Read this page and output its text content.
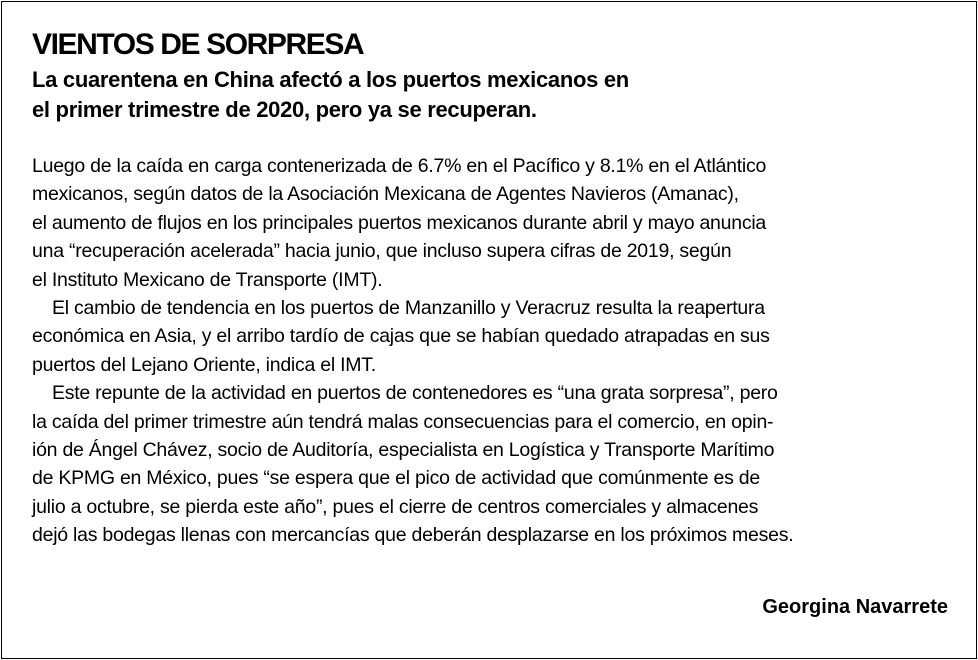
VIENTOS DE SORPRESA
La cuarentena en China afectó a los puertos mexicanos en
el primer trimestre de 2020, pero ya se recuperan.
Luego de la caída en carga contenerizada de 6.7% en el Pacífico y 8.1% en el Atlántico
mexicanos, según datos de la Asociación Mexicana de Agentes Navieros (Amanac),
el aumento de flujos en los principales puertos mexicanos durante abril y mayo anuncia
una “recuperación acelerada” hacia junio, que incluso supera cifras de 2019, según
el Instituto Mexicano de Transporte (IMT).
El cambio de tendencia en los puertos de Manzanillo y Veracruz resulta la reapertura
económica en Asia, y el arribo tardío de cajas que se habían quedado atrapadas en sus
puertos del Lejano Oriente, indica el IMT.
Este repunte de la actividad en puertos de contenedores es “una grata sorpresa”, pero
la caída del primer trimestre aún tendrá malas consecuencias para el comercio, en opin-
ión de Ángel Chávez, socio de Auditoría, especialista en Logística y Transporte Marítimo
de KPMG en México, pues “se espera que el pico de actividad que comúnmente es de
julio a octubre, se pierda este año”, pues el cierre de centros comerciales y almacenes
dejó las bodegas llenas con mercancías que deberán desplazarse en los próximos meses.

Georgina Navarrete
